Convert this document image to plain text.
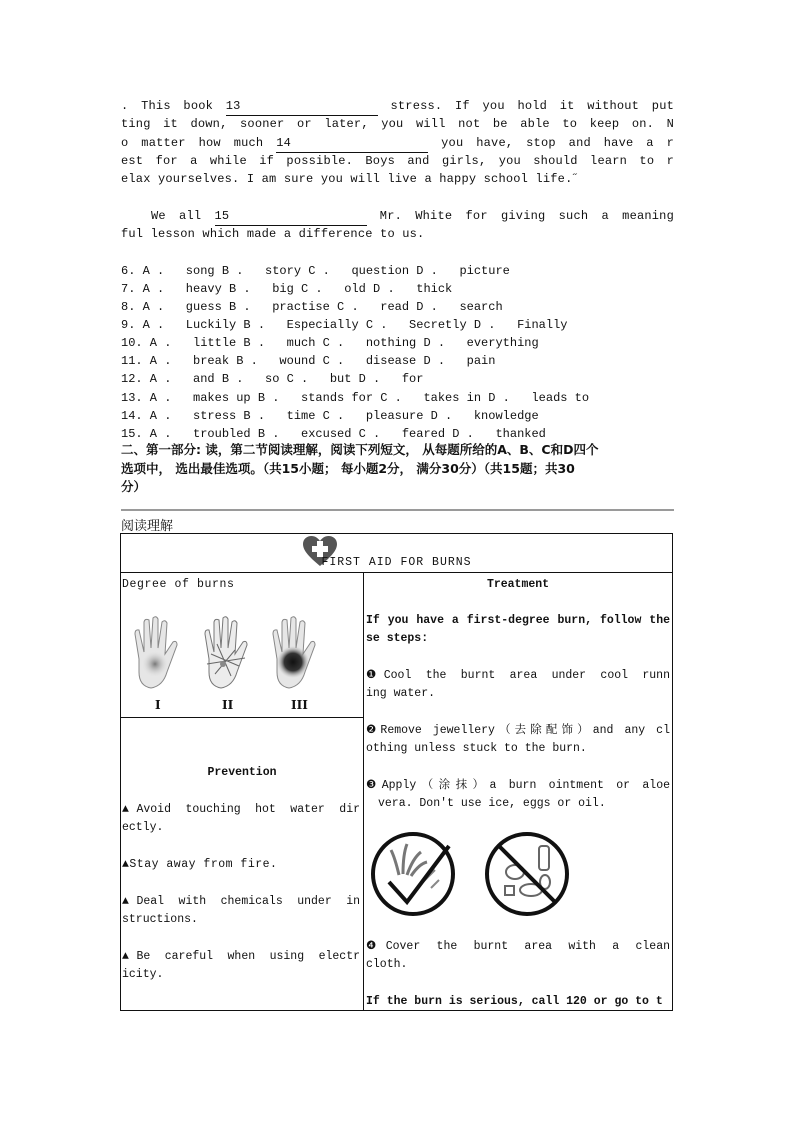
. This book 13	stress. If you hold it without put
ting it down, sooner or later, you will not be able to keep on. N
o matter how much 14	you have, stop and have a r
est for a while if possible. Boys and girls, you should learn to r
elax yourselves. I am sure you will live a happy school life.˝
We all 15	Mr. White for giving such a meaning
ful lesson which made a difference to us.
6. A .   song B .   story C .   question D .   picture
7. A .   heavy B .   big C .   old D .   thick
8. A .   guess B .   practise C .   read D .   search
9. A .   Luckily B .   Especially C .   Secretly D .   Finally
10. A .   little B .   much C .   nothing D .   everything
11. A .   break B .   wound C .   disease D .   pain
12. A .   and B .   so C .   but D .   for
13. A .   makes up B .   stands for C .   takes in D .   leads to
14. A .   stress B .   time C .   pleasure D .   knowledge
15. A .   troubled B .   excused C .   feared D .   thanked
二、第一部分: 读，第二节阅读理解，阅读下列短文， 从每题所给的A、B、C和D四个
选项中， 选出最佳选项。（共15小题； 每小题2分， 满分30分）（共15题；共30
分）
阅读理解
FIRST AID FOR BURNS
Degree of burns
I	II	III
Prevention
▲Avoid touching hot water dir
ectly.
▲Stay away from fire.
▲Deal with chemicals under in
structions.
▲Be careful when using electr
icity.
Treatment
If you have a first-degree burn, follow the
se steps:
❶Cool the burnt area under cool runn
ing water.
❷Remove jewellery（去除配饰）and any cl
othing unless stuck to the burn.
❸Apply（涂抹）a burn ointment or aloe
vera. Don't use ice, eggs or oil.
❹Cover the burnt area with a clean
cloth.
If the burn is serious, call 120 or go to t
